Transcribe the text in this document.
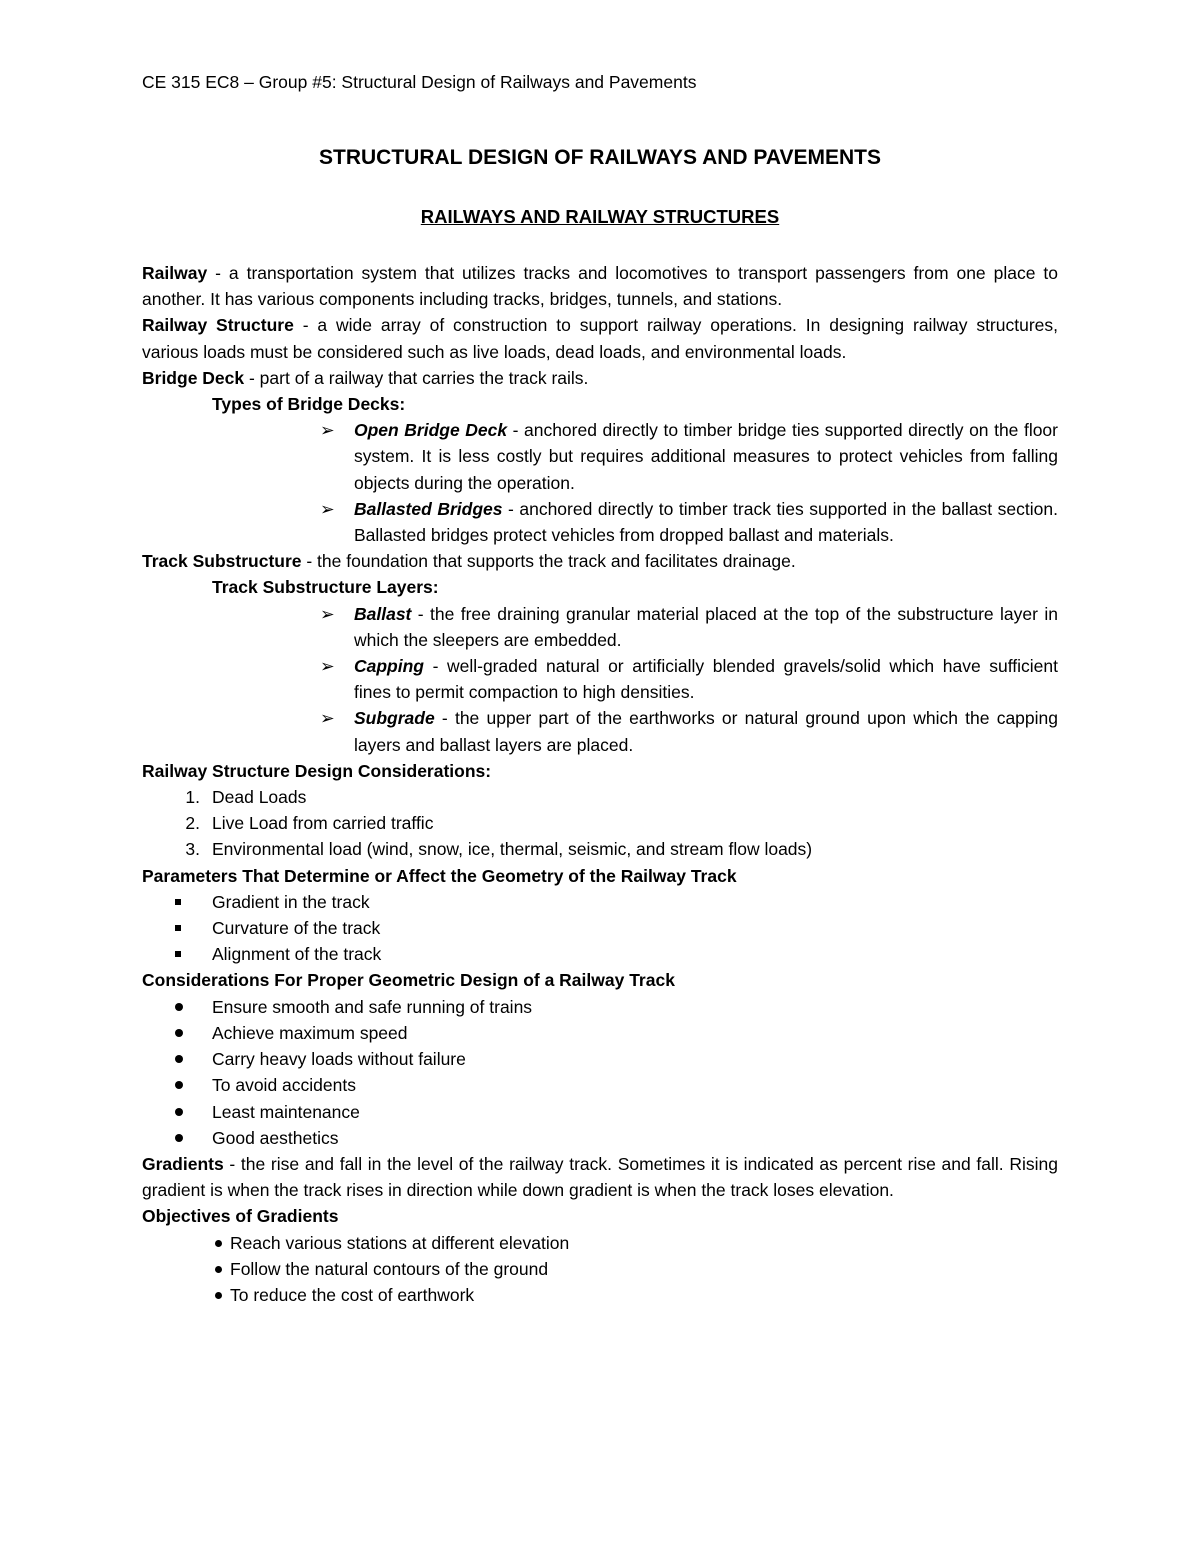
CE 315 EC8 – Group #5: Structural Design of Railways and Pavements
STRUCTURAL DESIGN OF RAILWAYS AND PAVEMENTS
RAILWAYS AND RAILWAY STRUCTURES

Railway - a transportation system that utilizes tracks and locomotives to transport passengers from one place to another. It has various components including tracks, bridges, tunnels, and stations.

Railway Structure - a wide array of construction to support railway operations. In designing railway structures, various loads must be considered such as live loads, dead loads, and environmental loads.

Bridge Deck - part of a railway that carries the track rails.

Types of Bridge Decks:

➢ Open Bridge Deck - anchored directly to timber bridge ties supported directly on the floor system. It is less costly but requires additional measures to protect vehicles from falling objects during the operation.
➢ Ballasted Bridges - anchored directly to timber track ties supported in the ballast section. Ballasted bridges protect vehicles from dropped ballast and materials.

Track Substructure - the foundation that supports the track and facilitates drainage.

Track Substructure Layers:

➢ Ballast - the free draining granular material placed at the top of the substructure layer in which the sleepers are embedded.
➢ Capping - well-graded natural or artificially blended gravels/solid which have sufficient fines to permit compaction to high densities.
➢ Subgrade - the upper part of the earthworks or natural ground upon which the capping layers and ballast layers are placed.

Railway Structure Design Considerations:

1. Dead Loads
2. Live Load from carried traffic
3. Environmental load (wind, snow, ice, thermal, seismic, and stream flow loads)

Parameters That Determine or Affect the Geometry of the Railway Track

Gradient in the track
Curvature of the track
Alignment of the track

Considerations For Proper Geometric Design of a Railway Track

Ensure smooth and safe running of trains
Achieve maximum speed
Carry heavy loads without failure
To avoid accidents
Least maintenance
Good aesthetics

Gradients - the rise and fall in the level of the railway track. Sometimes it is indicated as percent rise and fall. Rising gradient is when the track rises in direction while down gradient is when the track loses elevation.

Objectives of Gradients

Reach various stations at different elevation
Follow the natural contours of the ground
To reduce the cost of earthwork
